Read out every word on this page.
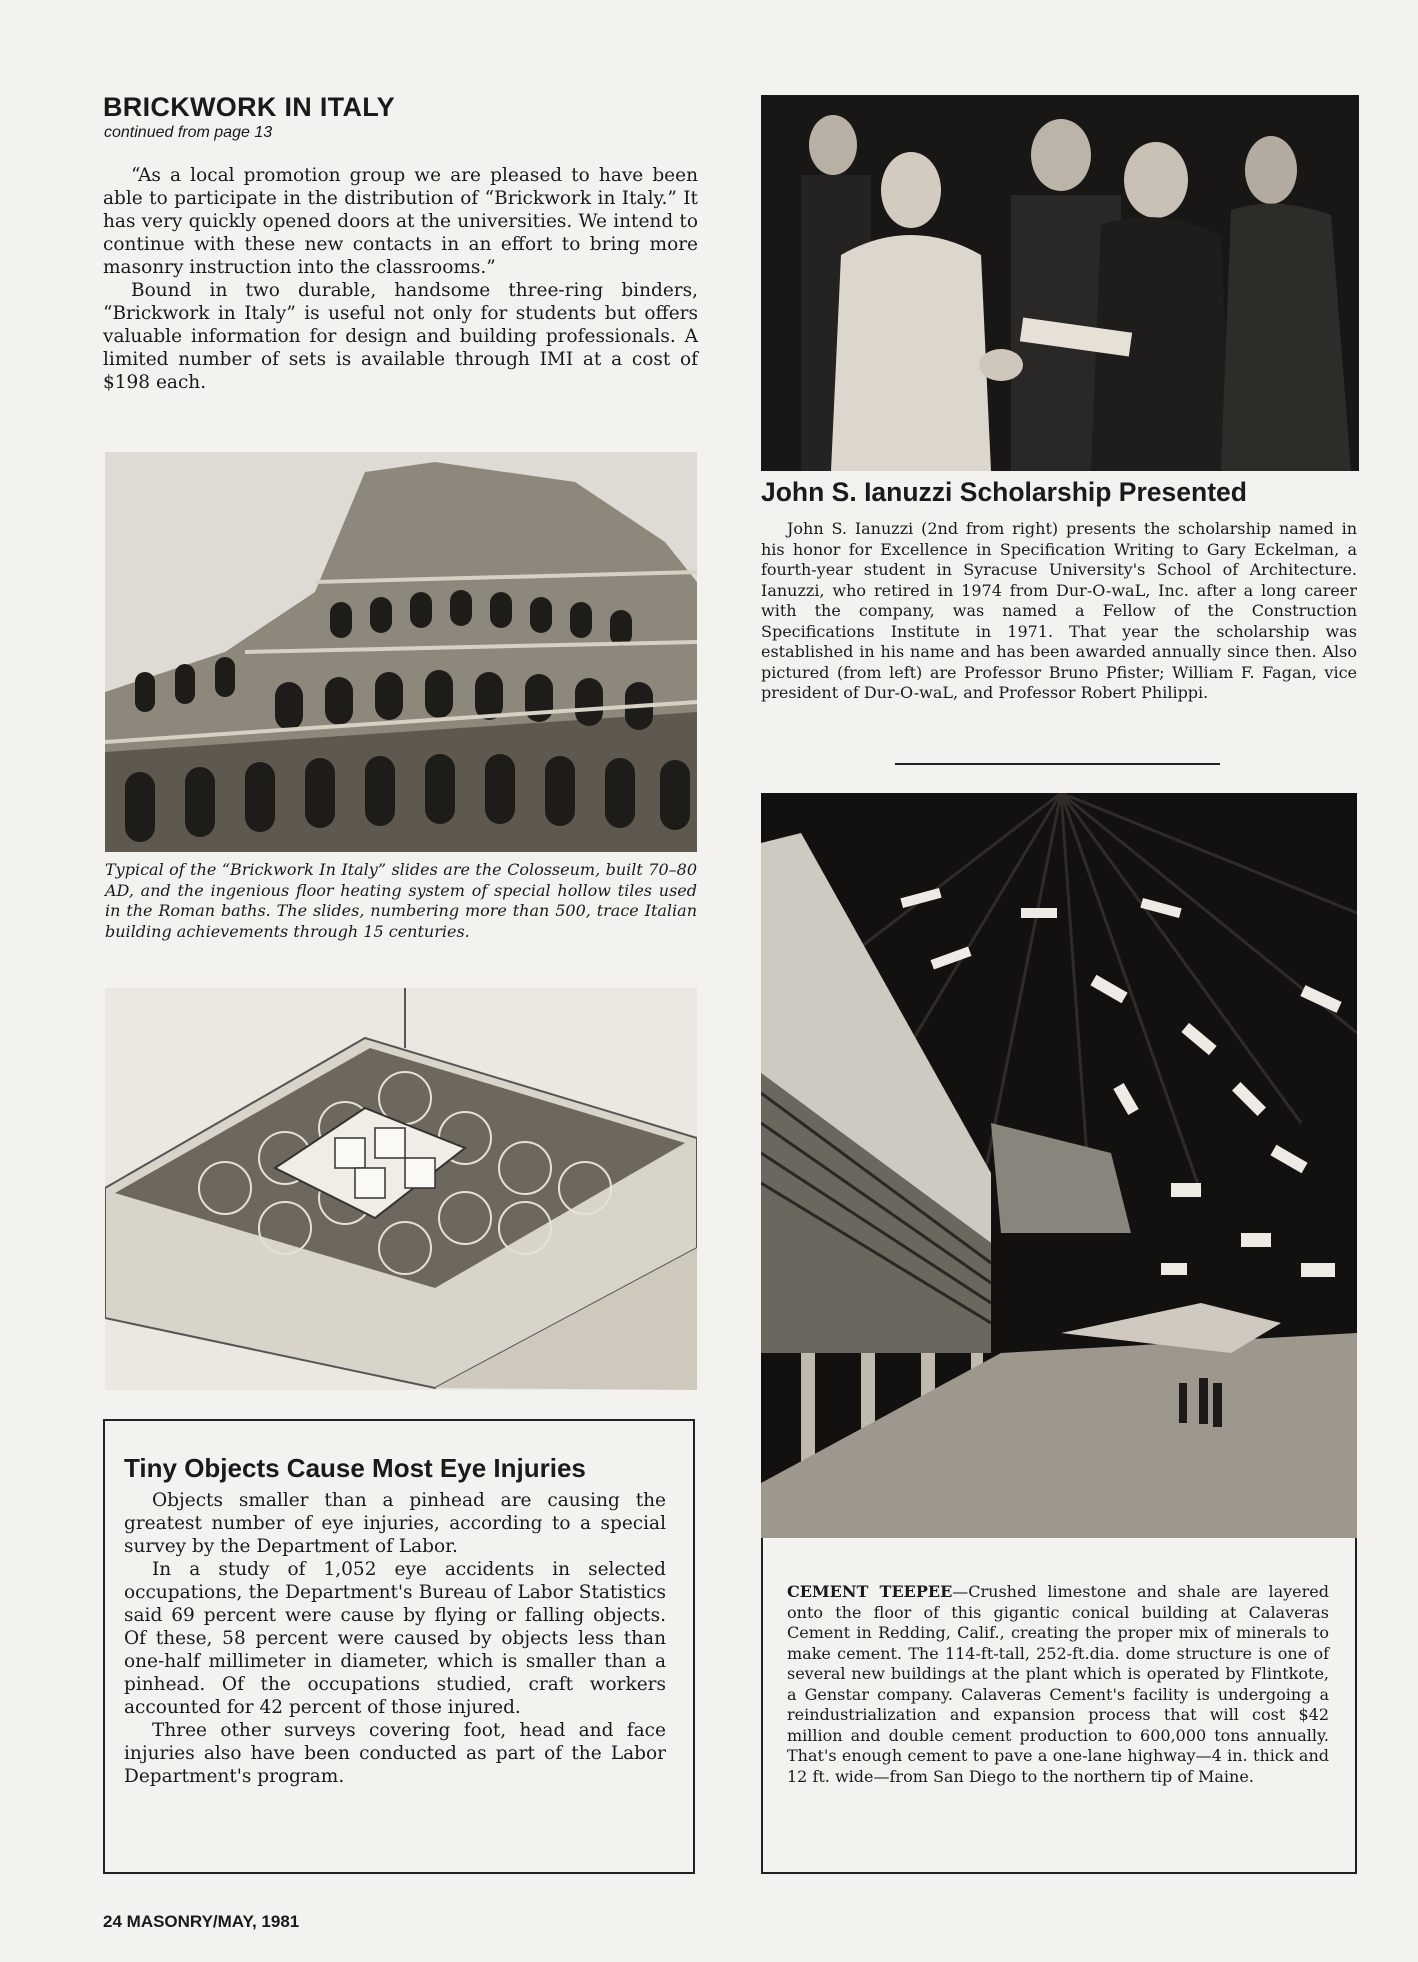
BRICKWORK IN ITALY
continued from page 13

“As a local promotion group we are pleased to have been able to participate in the distribution of “Brickwork in Italy.” It has very quickly opened doors at the universities. We intend to continue with these new contacts in an effort to bring more masonry instruction into the classrooms.”

Bound in two durable, handsome three-ring binders, “Brickwork in Italy” is useful not only for students but offers valuable information for design and building professionals. A limited number of sets is available through IMI at a cost of $198 each.

Typical of the “Brickwork In Italy” slides are the Colosseum, built 70–80 AD, and the ingenious floor heating system of special hollow tiles used in the Roman baths. The slides, numbering more than 500, trace Italian building achievements through 15 centuries.
Tiny Objects Cause Most Eye Injuries

Objects smaller than a pinhead are causing the greatest number of eye injuries, according to a special survey by the Department of Labor.

In a study of 1,052 eye accidents in selected occupations, the Department's Bureau of Labor Statistics said 69 percent were cause by flying or falling objects. Of these, 58 percent were caused by objects less than one-half millimeter in diameter, which is smaller than a pinhead. Of the occupations studied, craft workers accounted for 42 percent of those injured.

Three other surveys covering foot, head and face injuries also have been conducted as part of the Labor Department's program.

John S. Ianuzzi Scholarship Presented
John S. Ianuzzi (2nd from right) presents the scholarship named in his honor for Excellence in Specification Writing to Gary Eckelman, a fourth-year student in Syracuse University's School of Architecture. Ianuzzi, who retired in 1974 from Dur-O-waL, Inc. after a long career with the company, was named a Fellow of the Construction Specifications Institute in 1971. That year the scholarship was established in his name and has been awarded annually since then. Also pictured (from left) are Professor Bruno Pfister; William F. Fagan, vice president of Dur-O-waL, and Professor Robert Philippi.
CEMENT TEEPEE—Crushed limestone and shale are layered onto the floor of this gigantic conical building at Calaveras Cement in Redding, Calif., creating the proper mix of minerals to make cement. The 114-ft-tall, 252-ft.dia. dome structure is one of several new buildings at the plant which is operated by Flintkote, a Genstar company. Calaveras Cement's facility is undergoing a reindustrialization and expansion process that will cost $42 million and double cement production to 600,000 tons annually. That's enough cement to pave a one-lane highway—4 in. thick and 12 ft. wide—from San Diego to the northern tip of Maine.
24 MASONRY/MAY, 1981
